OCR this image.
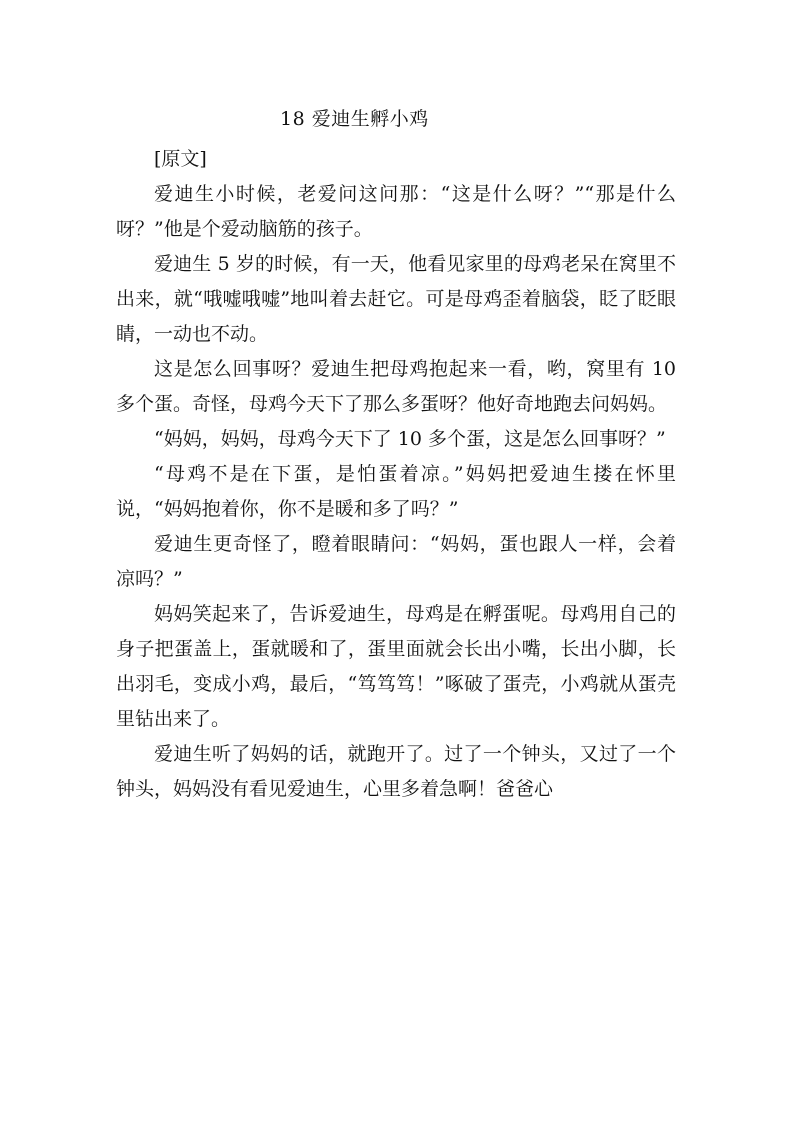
18 爱迪生孵小鸡

[原文]

爱迪生小时候，老爱问这问那：“这是什么呀？”“那是什么呀？”他是个爱动脑筋的孩子。

爱迪生 5 岁的时候，有一天，他看见家里的母鸡老呆在窝里不出来，就“哦嘘哦嘘”地叫着去赶它。可是母鸡歪着脑袋，眨了眨眼睛，一动也不动。

这是怎么回事呀？爱迪生把母鸡抱起来一看，哟，窝里有 10 多个蛋。奇怪，母鸡今天下了那么多蛋呀？他好奇地跑去问妈妈。

“妈妈，妈妈，母鸡今天下了 10 多个蛋，这是怎么回事呀？”

“母鸡不是在下蛋，是怕蛋着凉。”妈妈把爱迪生搂在怀里说，“妈妈抱着你，你不是暖和多了吗？”

爱迪生更奇怪了，瞪着眼睛问：“妈妈，蛋也跟人一样，会着凉吗？”

妈妈笑起来了，告诉爱迪生，母鸡是在孵蛋呢。母鸡用自己的身子把蛋盖上，蛋就暖和了，蛋里面就会长出小嘴，长出小脚，长出羽毛，变成小鸡，最后，“笃笃笃！”啄破了蛋壳，小鸡就从蛋壳里钻出来了。

爱迪生听了妈妈的话，就跑开了。过了一个钟头，又过了一个钟头，妈妈没有看见爱迪生，心里多着急啊！爸爸心
